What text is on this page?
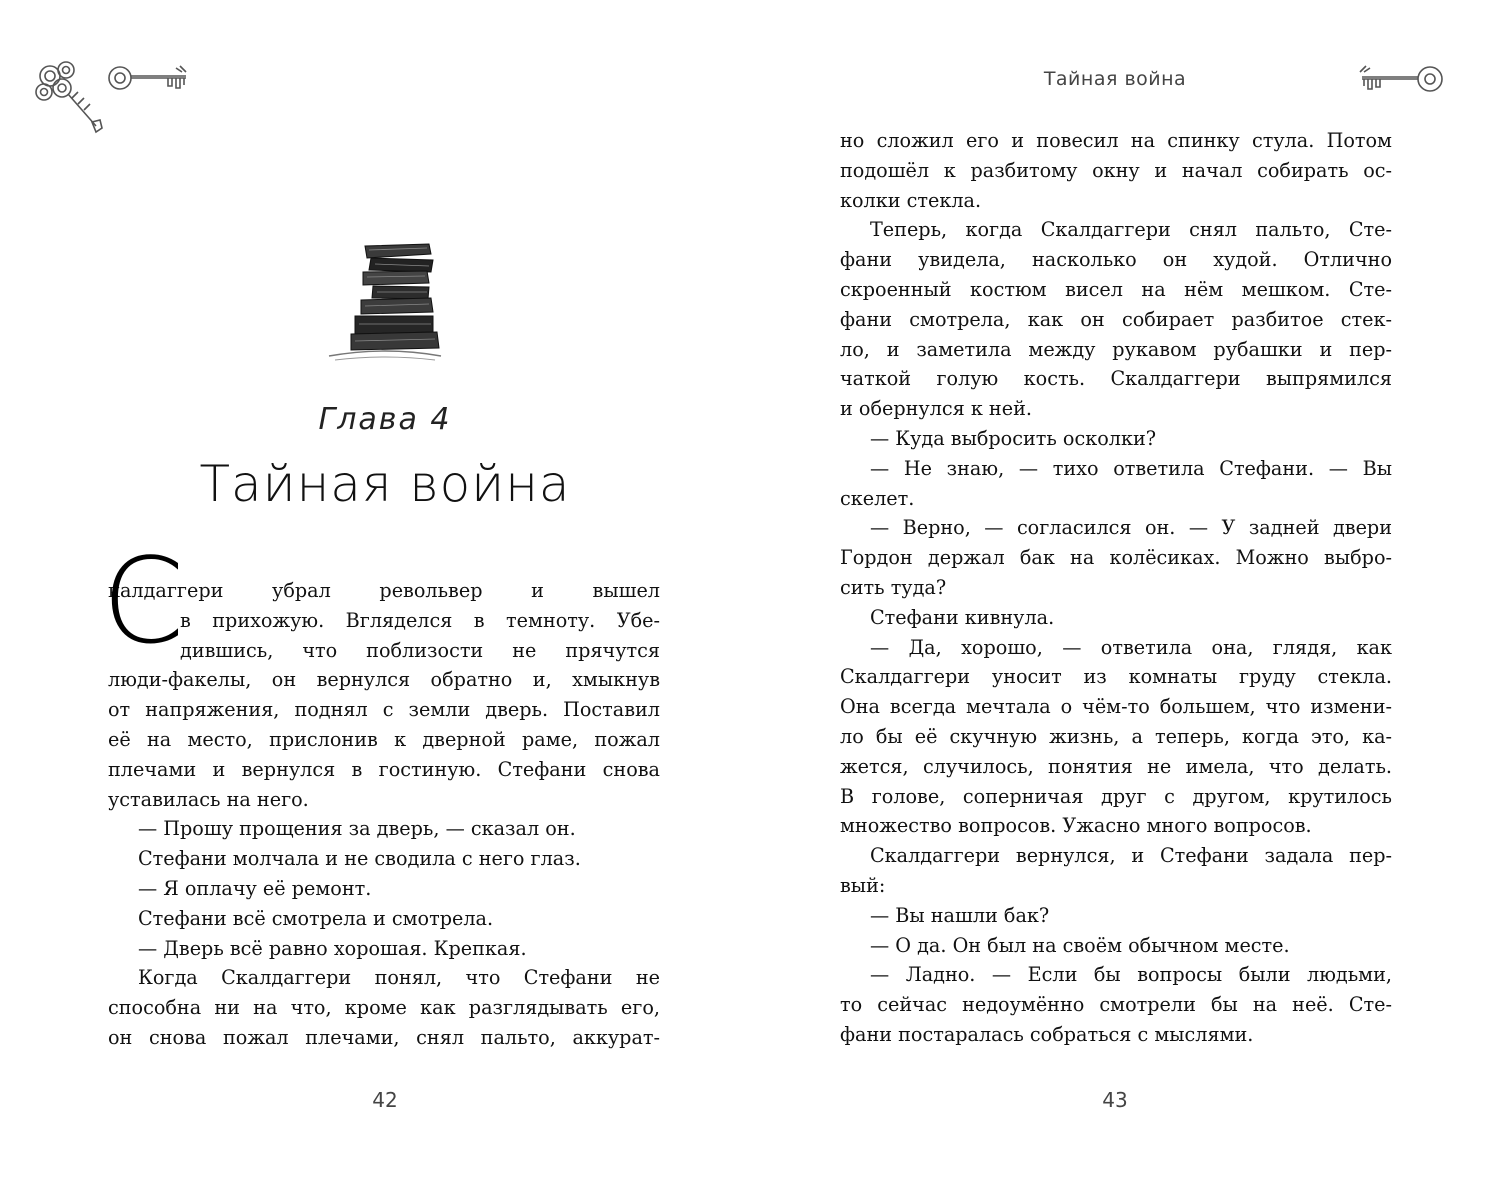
Глава 4
Тайная война
С
калдаггери убрал револьвер и вышел
в прихожую. Вгляделся в темноту. Убе-
дившись, что поблизости не прячутся
люди-факелы, он вернулся обратно и, хмыкнув
от напряжения, поднял с земли дверь. Поставил
её на место, прислонив к дверной раме, пожал
плечами и вернулся в гостиную. Стефани снова
уставилась на него.
— Прошу прощения за дверь, — сказал он.
Стефани молчала и не сводила с него глаз.
— Я оплачу её ремонт.
Стефани всё смотрела и смотрела.
— Дверь всё равно хорошая. Крепкая.
Когда Скалдаггери понял, что Стефани не
способна ни на что, кроме как разглядывать его,
он снова пожал плечами, снял пальто, аккурат-
42
Тайная война
но сложил его и повесил на спинку стула. Потом
подошёл к разбитому окну и начал собирать ос-
колки стекла.
Теперь, когда Скалдаггери снял пальто, Сте-
фани увидела, насколько он худой. Отлично
скроенный костюм висел на нём мешком. Сте-
фани смотрела, как он собирает разбитое стек-
ло, и заметила между рукавом рубашки и пер-
чаткой голую кость. Скалдаггери выпрямился
и обернулся к ней.
— Куда выбросить осколки?
— Не знаю, — тихо ответила Стефани. — Вы
скелет.
— Верно, — согласился он. — У задней двери
Гордон держал бак на колёсиках. Можно выбро-
сить туда?
Стефани кивнула.
— Да, хорошо, — ответила она, глядя, как
Скалдаггери уносит из комнаты груду стекла.
Она всегда мечтала о чём-то большем, что измени-
ло бы её скучную жизнь, а теперь, когда это, ка-
жется, случилось, понятия не имела, что делать.
В голове, соперничая друг с другом, крутилось
множество вопросов. Ужасно много вопросов.
Скалдаггери вернулся, и Стефани задала пер-
вый:
— Вы нашли бак?
— О да. Он был на своём обычном месте.
— Ладно. — Если бы вопросы были людьми,
то сейчас недоумённо смотрели бы на неё. Сте-
фани постаралась собраться с мыслями.
43
